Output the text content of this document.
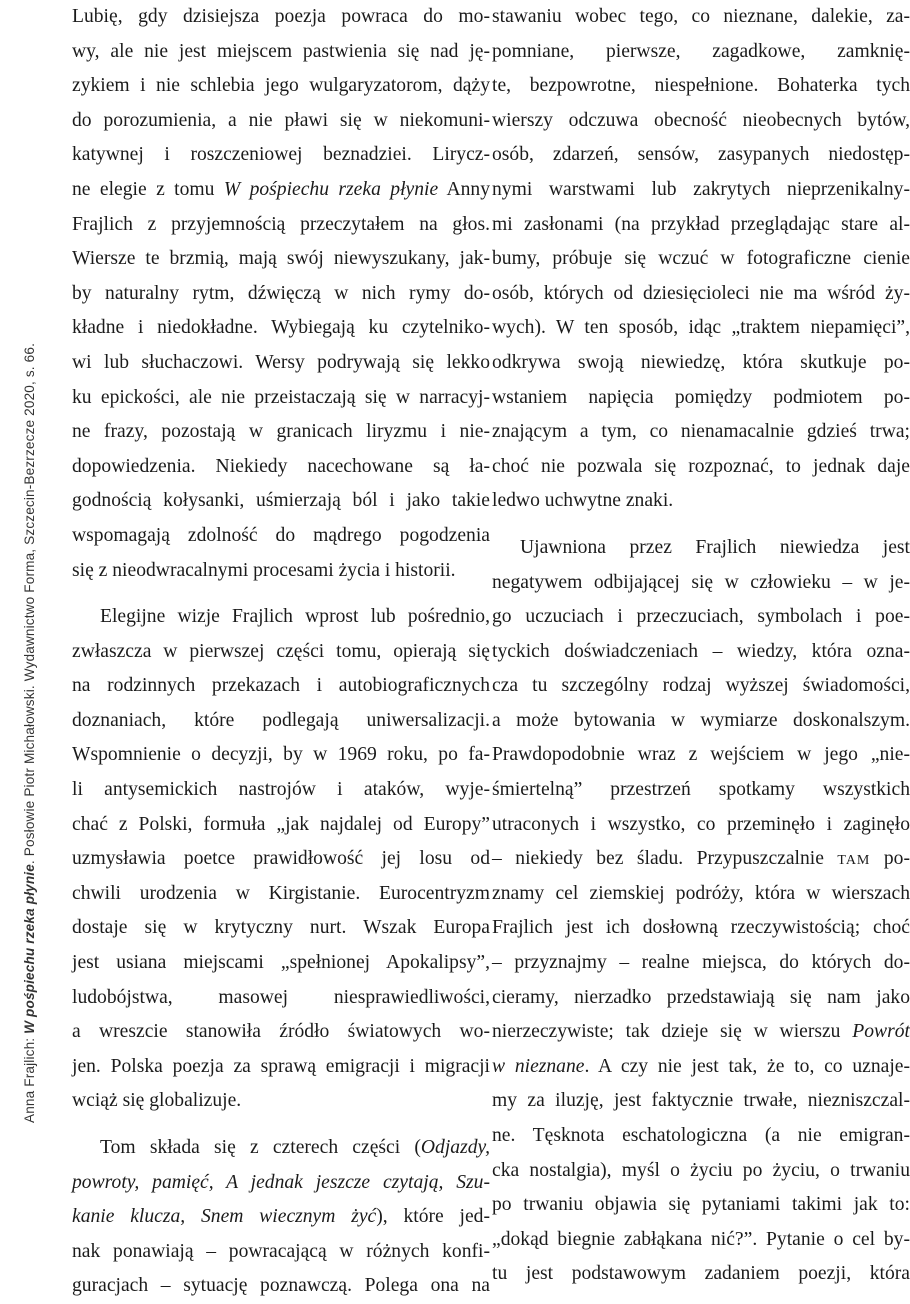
Anna Frajlich: W pośpiechu rzeka płynie. Posłowie Piotr Michałowski. Wydawnictwo Forma, Szczecin-Bezrzecze 2020, s. 66.
Lubię, gdy dzisiejsza poezja powraca do mo-
wy, ale nie jest miejscem pastwienia się nad ję-
zykiem i nie schlebia jego wulgaryzatorom, dąży
do porozumienia, a nie pławi się w niekomuni-
katywnej i roszczeniowej beznadziei. Lirycz-
ne elegie z tomu W pośpiechu rzeka płynie Anny
Frajlich z przyjemnością przeczytałem na głos.
Wiersze te brzmią, mają swój niewyszukany, jak-
by naturalny rytm, dźwięczą w nich rymy do-
kładne i niedokładne. Wybiegają ku czytelniko-
wi lub słuchaczowi. Wersy podrywają się lekko
ku epickości, ale nie przeistaczają się w narracyj-
ne frazy, pozostają w granicach liryzmu i nie-
dopowiedzenia. Niekiedy nacechowane są ła-
godnością kołysanki, uśmierzają ból i jako takie
wspomagają zdolność do mądrego pogodzenia
się z nieodwracalnymi procesami życia i historii.
Elegijne wizje Frajlich wprost lub pośrednio,
zwłaszcza w pierwszej części tomu, opierają się
na rodzinnych przekazach i autobiograficznych
doznaniach, które podlegają uniwersalizacji.
Wspomnienie o decyzji, by w 1969 roku, po fa-
li antysemickich nastrojów i ataków, wyje-
chać z Polski, formuła „jak najdalej od Europy”
uzmysławia poetce prawidłowość jej losu od
chwili urodzenia w Kirgistanie. Eurocentryzm
dostaje się w krytyczny nurt. Wszak Europa
jest usiana miejscami „spełnionej Apokalipsy”,
ludobójstwa, masowej niesprawiedliwości,
a wreszcie stanowiła źródło światowych wo-
jen. Polska poezja za sprawą emigracji i migracji
wciąż się globalizuje.
Tom składa się z czterech części (Odjazdy,
powroty, pamięć, A jednak jeszcze czytają, Szu-
kanie klucza, Snem wiecznym żyć), które jed-
nak ponawiają – powracającą w różnych konfi-
guracjach – sytuację poznawczą. Polega ona na
stawaniu wobec tego, co nieznane, dalekie, za-
pomniane, pierwsze, zagadkowe, zamknię-
te, bezpowrotne, niespełnione. Bohaterka tych
wierszy odczuwa obecność nieobecnych bytów,
osób, zdarzeń, sensów, zasypanych niedostęp-
nymi warstwami lub zakrytych nieprzenikalny-
mi zasłonami (na przykład przeglądając stare al-
bumy, próbuje się wczuć w fotograficzne cienie
osób, których od dziesięcioleci nie ma wśród ży-
wych). W ten sposób, idąc „traktem niepamięci”,
odkrywa swoją niewiedzę, która skutkuje po-
wstaniem napięcia pomiędzy podmiotem po-
znającym a tym, co nienamacalnie gdzieś trwa;
choć nie pozwala się rozpoznać, to jednak daje
ledwo uchwytne znaki.
Ujawniona przez Frajlich niewiedza jest
negatywem odbijającej się w człowieku – w je-
go uczuciach i przeczuciach, symbolach i poe-
tyckich doświadczeniach – wiedzy, która ozna-
cza tu szczególny rodzaj wyższej świadomości,
a może bytowania w wymiarze doskonalszym.
Prawdopodobnie wraz z wejściem w jego „nie-
śmiertelną” przestrzeń spotkamy wszystkich
utraconych i wszystko, co przeminęło i zaginęło
– niekiedy bez śladu. Przypuszczalnie tam po-
znamy cel ziemskiej podróży, która w wierszach
Frajlich jest ich dosłowną rzeczywistością; choć
– przyznajmy – realne miejsca, do których do-
cieramy, nierzadko przedstawiają się nam jako
nierzeczywiste; tak dzieje się w wierszu Powrót
w nieznane. A czy nie jest tak, że to, co uznaje-
my za iluzję, jest faktycznie trwałe, niezniszczal-
ne. Tęsknota eschatologiczna (a nie emigran-
cka nostalgia), myśl o życiu po życiu, o trwaniu
po trwaniu objawia się pytaniami takimi jak to:
„dokąd biegnie zabłąkana nić?”. Pytanie o cel by-
tu jest podstawowym zadaniem poezji, która
